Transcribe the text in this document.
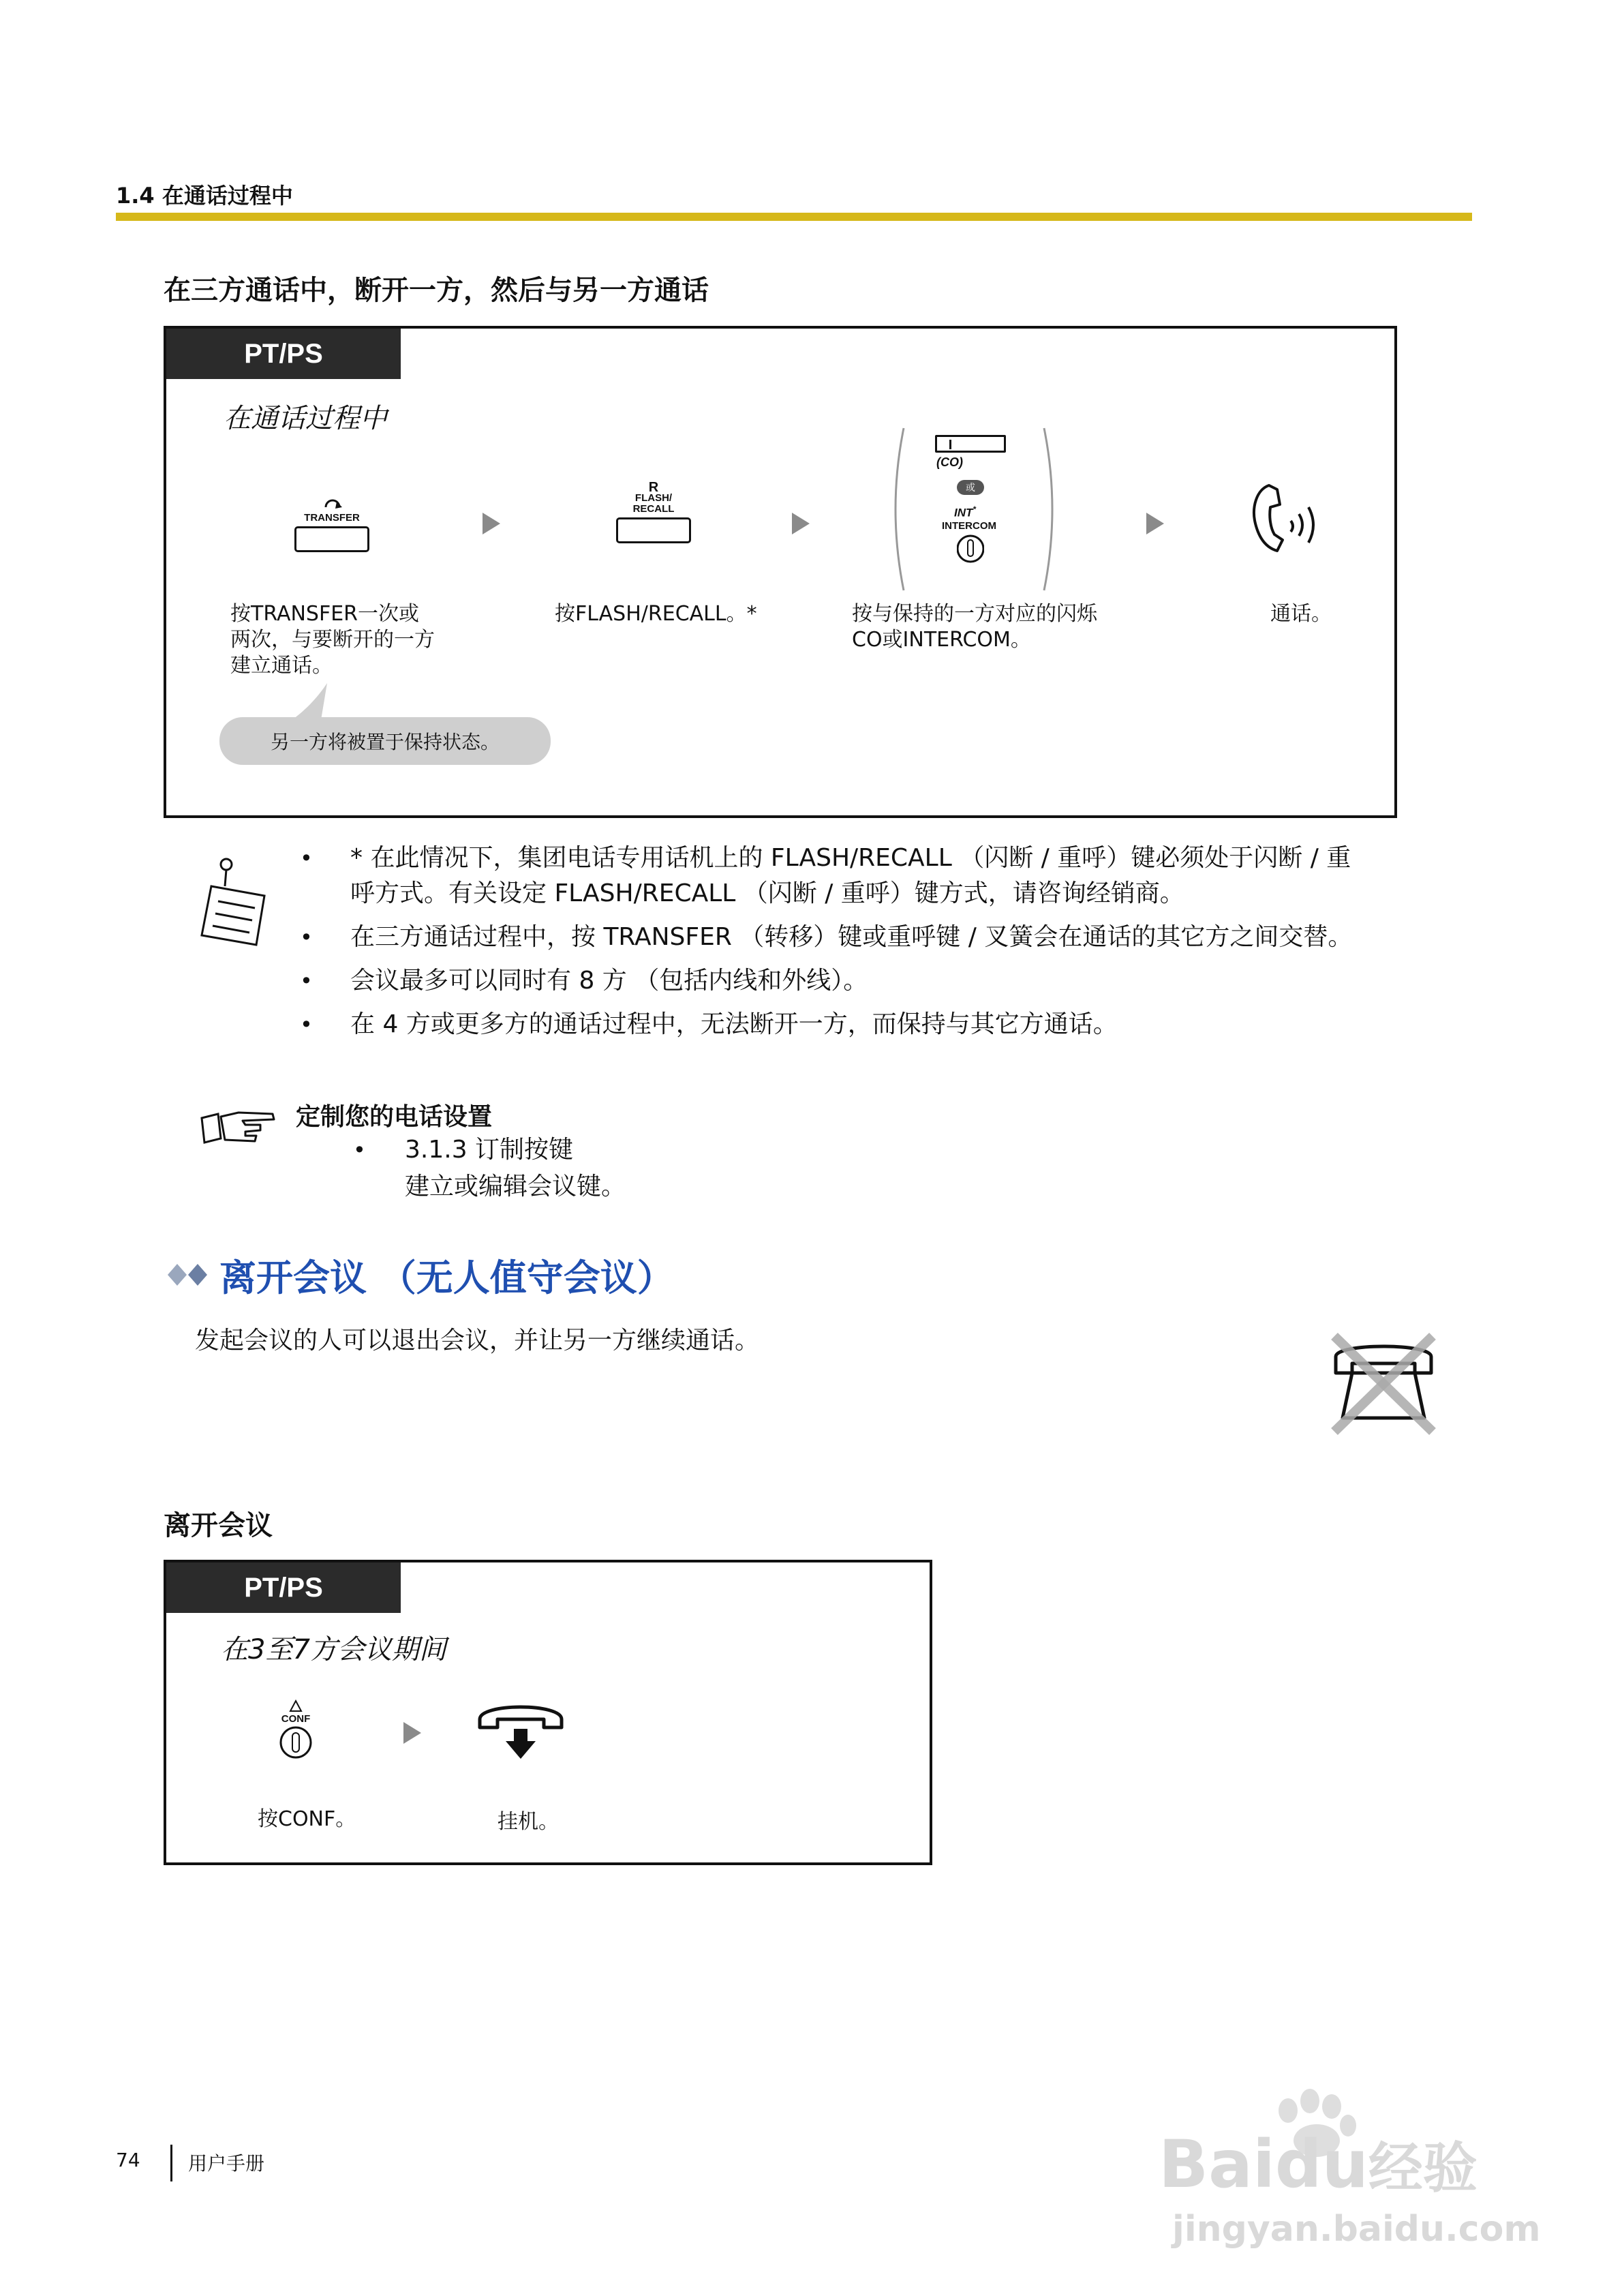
1.4 在通话过程中
在三方通话中，断开一方，然后与另一方通话
PT/PS
在通话过程中
TRANSFER
R
FLASH/
RECALL
(CO)
或
INT*
INTERCOM
按TRANSFER一次或
两次，与要断开的一方
建立通话。
按FLASH/RECALL。*	按与保持的一方对应的闪烁
CO或INTERCOM。
通话。
另一方将被置于保持状态。
• * 在此情况下，集团电话专用话机上的 FLASH/RECALL （闪断 / 重呼）键必须处于闪断 / 重
呼方式。有关设定 FLASH/RECALL （闪断 / 重呼）键方式，请咨询经销商。
• 在三方通话过程中，按 TRANSFER （转移）键或重呼键 / 叉簧会在通话的其它方之间交替。
• 会议最多可以同时有 8 方 （包括内线和外线）。
• 在 4 方或更多方的通话过程中，无法断开一方，而保持与其它方通话。
定制您的电话设置
• 3.1.3 订制按键
建立或编辑会议键。
离开会议 （无人值守会议）
发起会议的人可以退出会议，并让另一方继续通话。
离开会议
PT/PS
在3至7方会议期间
CONF
按CONF。	挂机。
74	用户手册	Baidu经验
jingyan.baidu.com
